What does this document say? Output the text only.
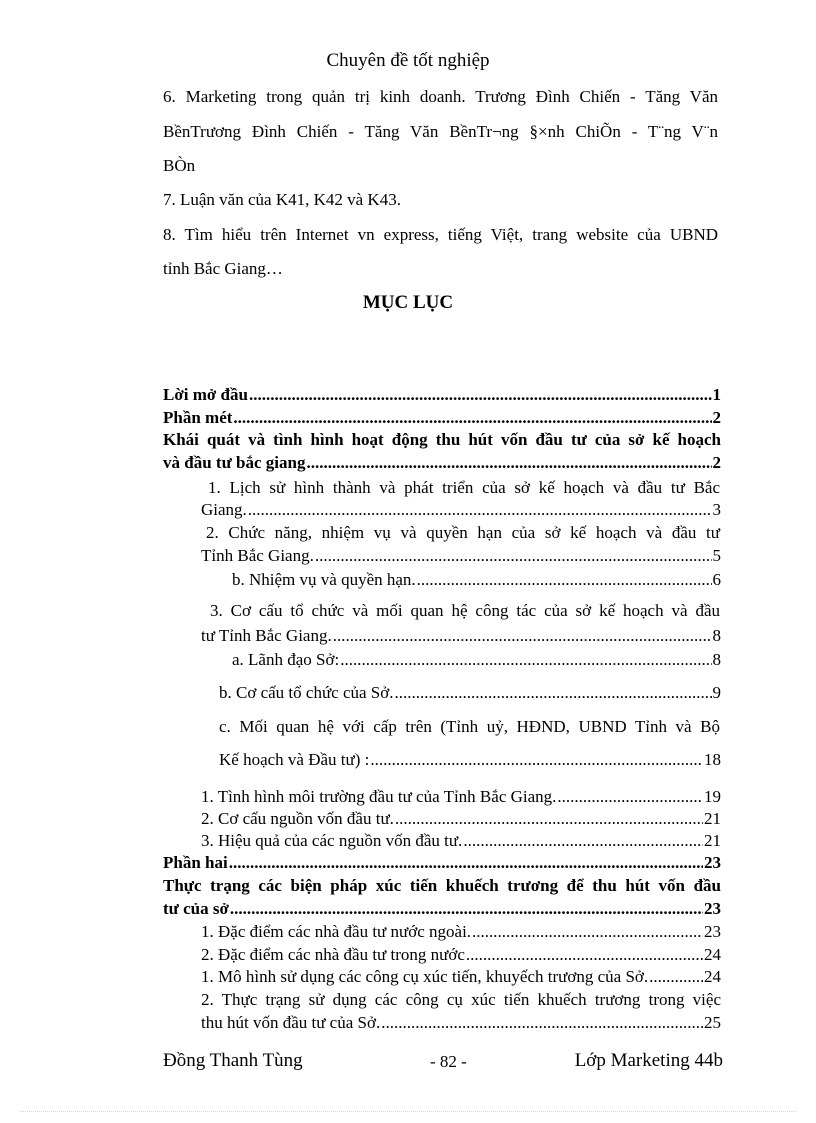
Chuyên đề tốt nghiệp
6. Marketing trong quản trị kinh doanh. Trương Đình Chiến - Tăng Văn
BềnTrương Đình Chiến - Tăng Văn BềnTr¬ng §×nh ChiÕn - T¨ng V¨n
BÒn
7. Luận văn của K41, K42 và K43.
8. Tìm hiểu trên Internet vn express, tiếng Việt, trang website của UBND
tỉnh Bắc Giang…
MỤC LỤC
Lời mở đầu .....	1
Phần mét .....	2
Khái quát và tình hình hoạt động thu hút vốn đầu tư của sở kế hoạch
và đầu tư bắc giang .....	2
1. Lịch sử hình thành và phát triển của sở kế hoạch và đầu tư Bắc
Giang. .....	3
2. Chức năng, nhiệm vụ và quyền hạn của sở kế hoạch và đầu tư
Tỉnh Bắc Giang. .....	5
b. Nhiệm vụ và quyền hạn. .....	6
3. Cơ cấu tổ chức và mối quan hệ công tác của sở kế hoạch và đầu
tư Tỉnh Bắc Giang. .....	8
a. Lãnh đạo Sở: .....	8
b. Cơ cấu tổ chức của Sở. .....	9
c. Mối quan hệ với cấp trên (Tỉnh uỷ, HĐND, UBND Tỉnh và Bộ
Kế hoạch và Đầu tư) : .....	18
1. Tình hình môi trường đầu tư của Tỉnh Bắc Giang. .....	19
2. Cơ cấu nguồn vốn đầu tư. .....	21
3. Hiệu quả của các nguồn vốn đầu tư. .....	21
Phần hai .....	23
Thực trạng các biện pháp xúc tiến khuếch trương để thu hút vốn đầu
tư của sở .....	23
1. Đặc điểm các nhà đầu tư nước ngoài. .....	23
2. Đặc điểm các nhà đầu tư trong nước .....	24
1. Mô hình sử dụng các công cụ xúc tiến, khuyếch trương của Sở. .....	24
2. Thực trạng sử dụng các công cụ xúc tiến khuếch trương trong việc
thu hút vốn đầu tư của Sở. .....	25
Đồng Thanh Tùng	- 82 -	Lớp Marketing 44b
